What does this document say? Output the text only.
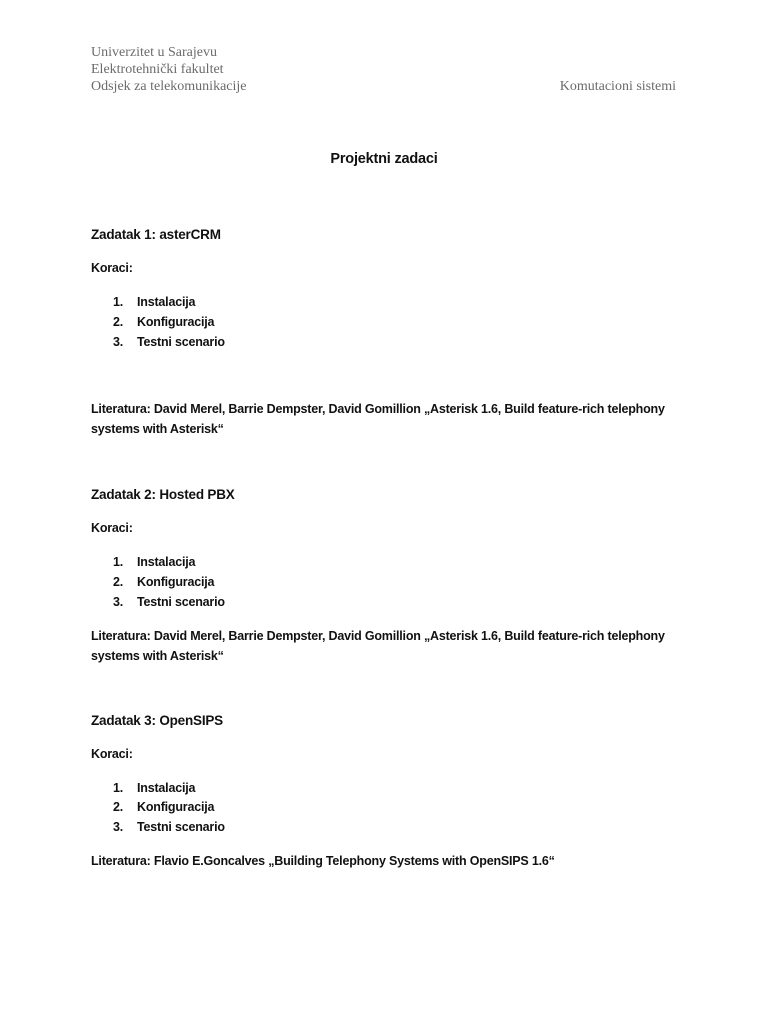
Univerzitet u Sarajevu
Elektrotehnički fakultet
Odsjek za telekomunikacije	Komutacioni sistemi
Projektni zadaci
Zadatak 1: asterCRM
Koraci:
1. Instalacija
2. Konfiguracija
3. Testni scenario
Literatura: David Merel, Barrie Dempster, David Gomillion „Asterisk 1.6, Build feature-rich telephony systems with Asterisk“
Zadatak 2: Hosted PBX
Koraci:
1. Instalacija
2. Konfiguracija
3. Testni scenario
Literatura: David Merel, Barrie Dempster, David Gomillion „Asterisk 1.6, Build feature-rich telephony systems with Asterisk“
Zadatak 3: OpenSIPS
Koraci:
1. Instalacija
2. Konfiguracija
3. Testni scenario
Literatura: Flavio E.Goncalves „Building Telephony Systems with OpenSIPS 1.6“
